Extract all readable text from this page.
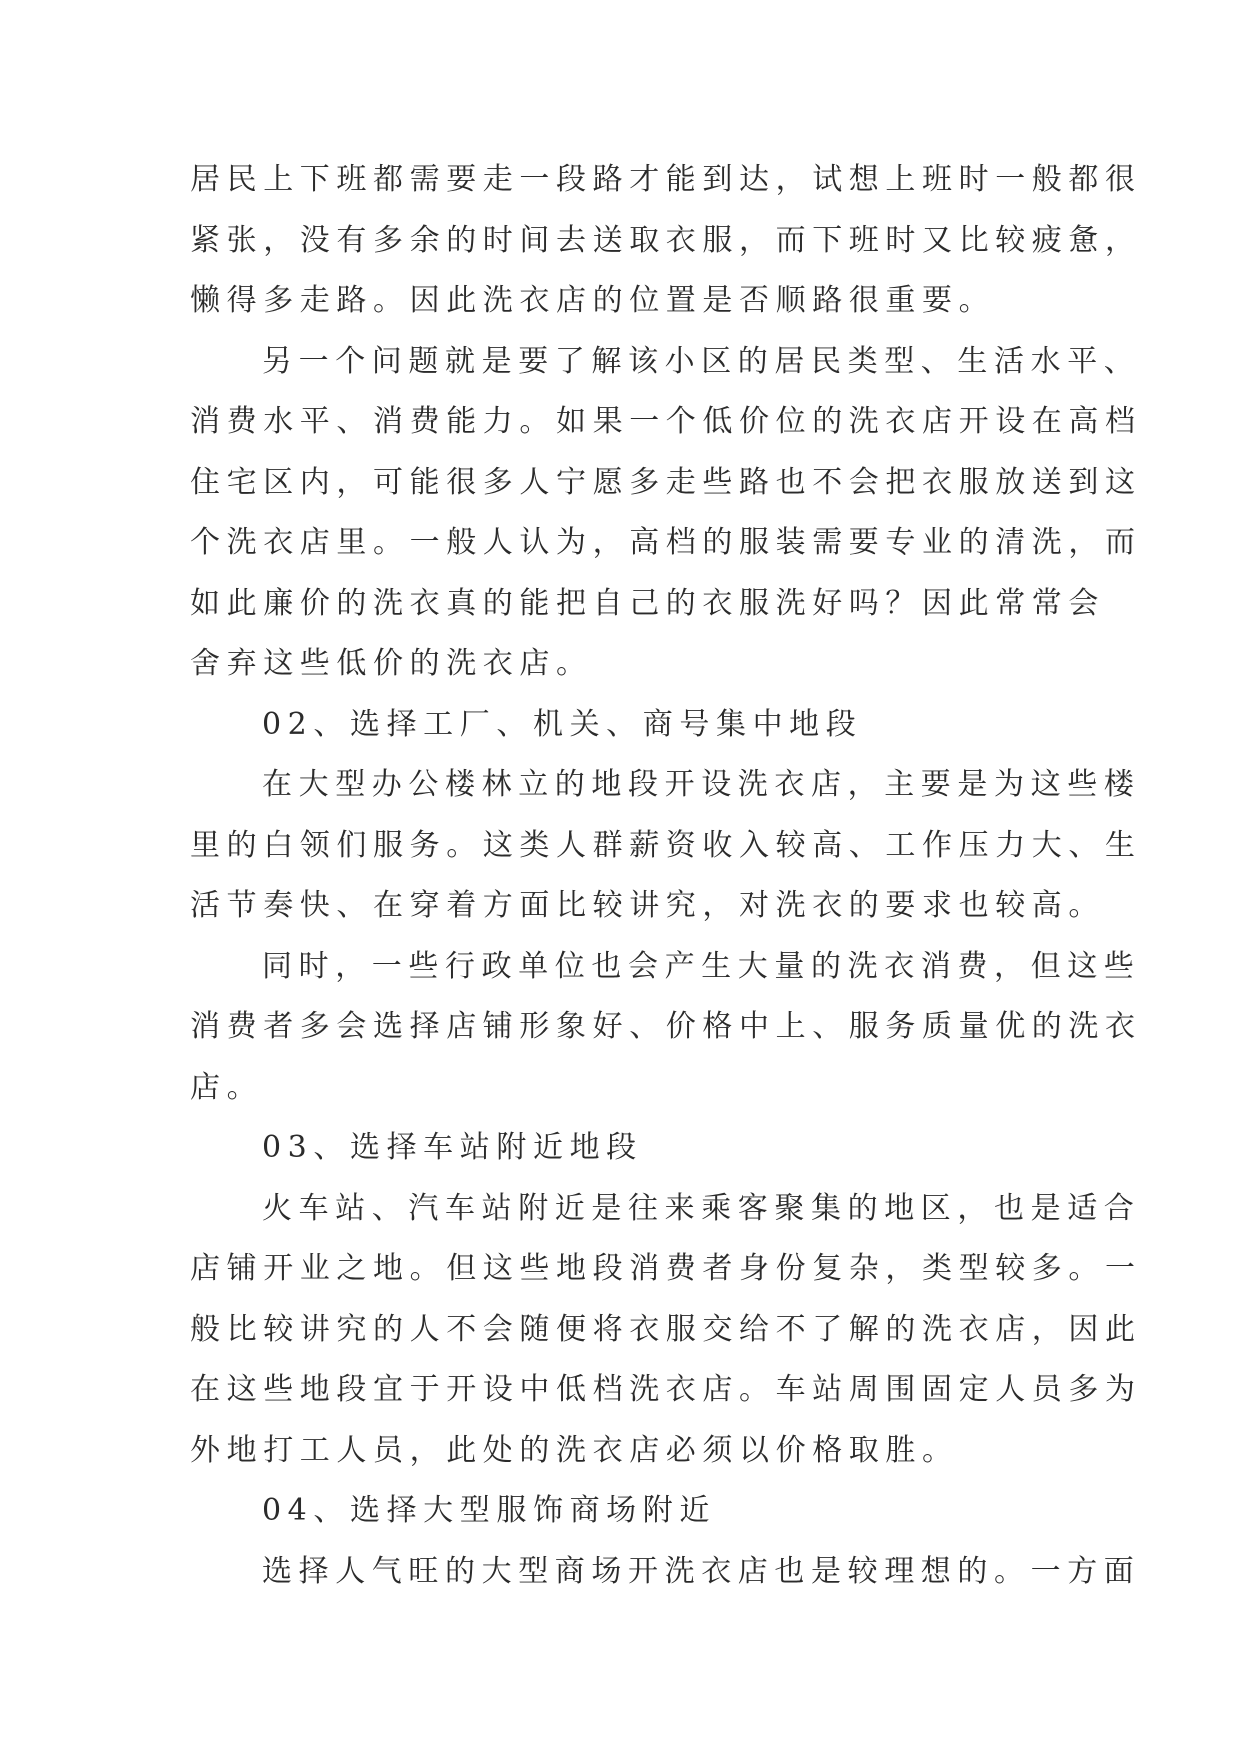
居民上下班都需要走一段路才能到达，试想上班时一般都很

紧张，没有多余的时间去送取衣服，而下班时又比较疲惫，

懒得多走路。因此洗衣店的位置是否顺路很重要。

另一个问题就是要了解该小区的居民类型、生活水平、

消费水平、消费能力。如果一个低价位的洗衣店开设在高档

住宅区内，可能很多人宁愿多走些路也不会把衣服放送到这

个洗衣店里。一般人认为，高档的服装需要专业的清洗，而

如此廉价的洗衣真的能把自己的衣服洗好吗？因此常常会

舍弃这些低价的洗衣店。

02、选择工厂、机关、商号集中地段

在大型办公楼林立的地段开设洗衣店，主要是为这些楼

里的白领们服务。这类人群薪资收入较高、工作压力大、生

活节奏快、在穿着方面比较讲究，对洗衣的要求也较高。

同时，一些行政单位也会产生大量的洗衣消费，但这些

消费者多会选择店铺形象好、价格中上、服务质量优的洗衣

店。

03、选择车站附近地段

火车站、汽车站附近是往来乘客聚集的地区，也是适合

店铺开业之地。但这些地段消费者身份复杂，类型较多。一

般比较讲究的人不会随便将衣服交给不了解的洗衣店，因此

在这些地段宜于开设中低档洗衣店。车站周围固定人员多为

外地打工人员，此处的洗衣店必须以价格取胜。

04、选择大型服饰商场附近

选择人气旺的大型商场开洗衣店也是较理想的。一方面
